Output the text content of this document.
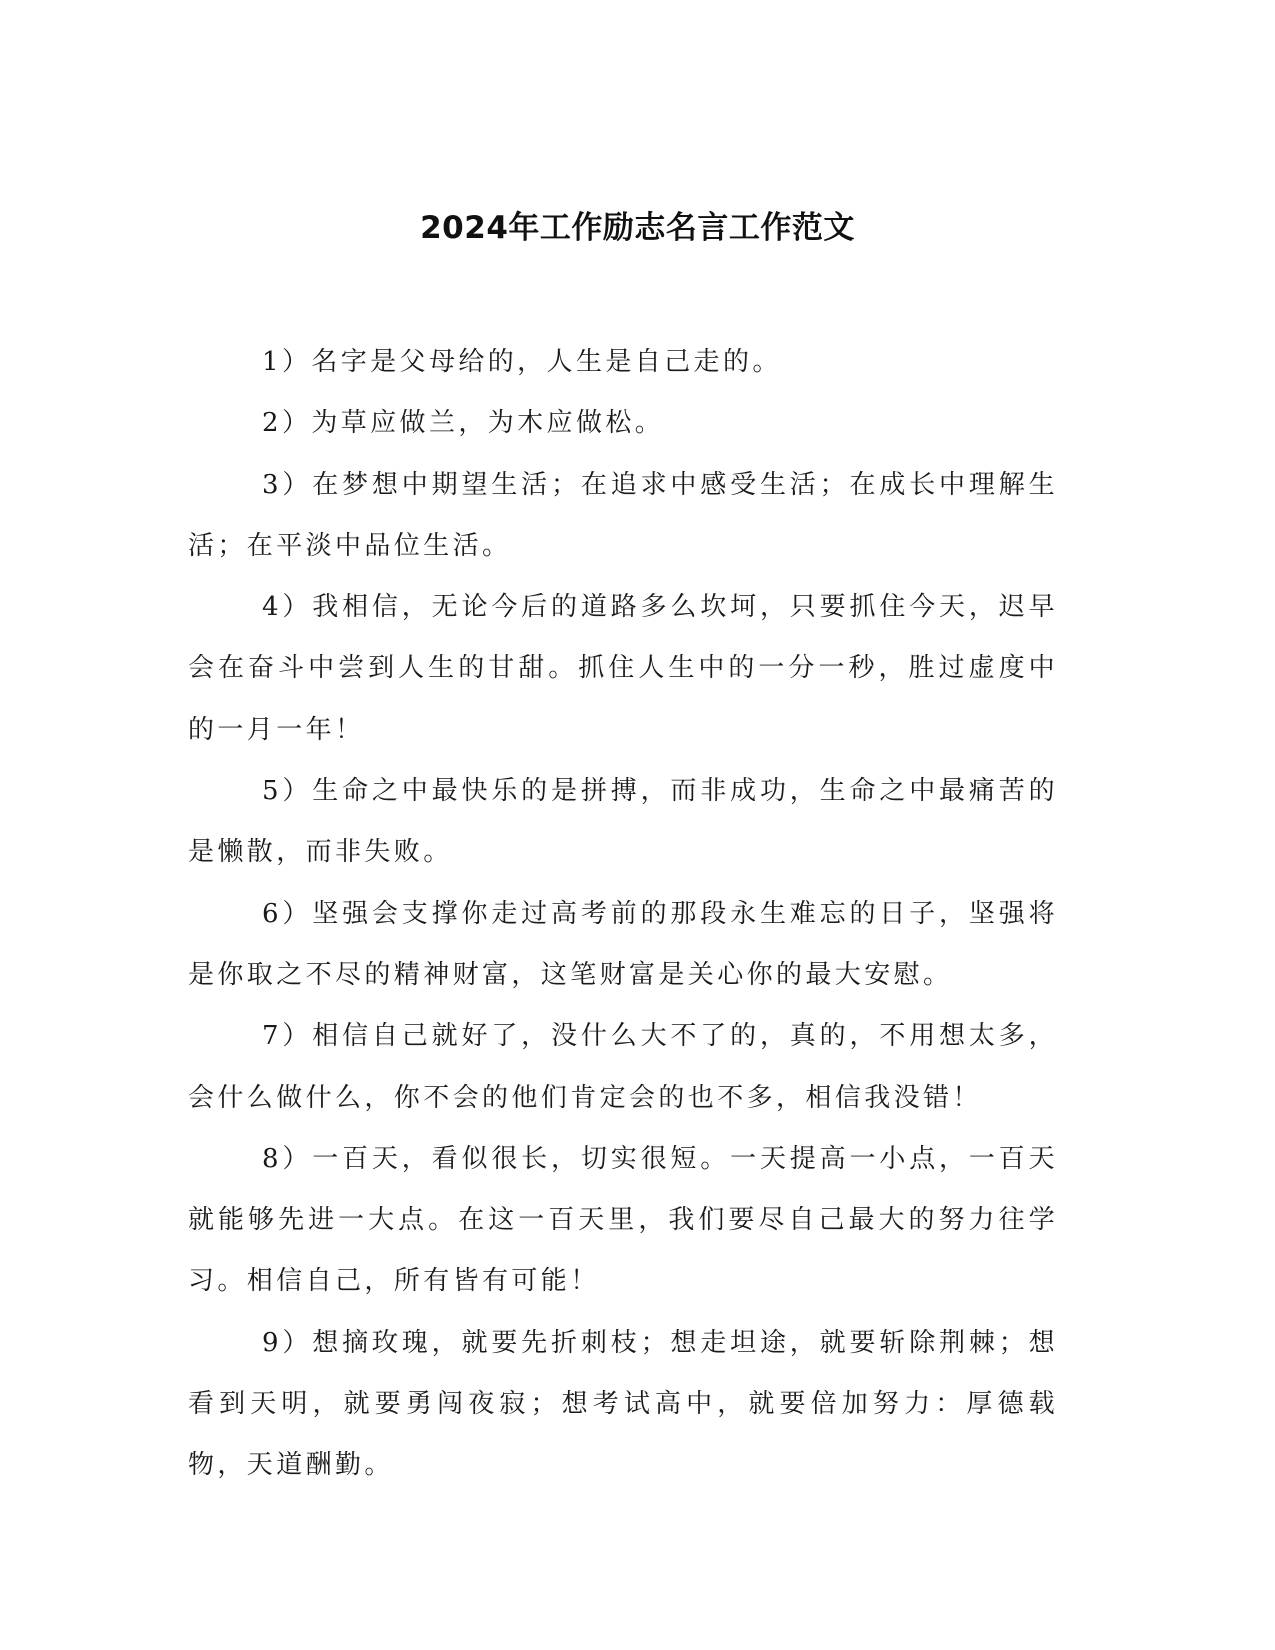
2024年工作励志名言工作范文

1）名字是父母给的，人生是自己走的。

2）为草应做兰，为木应做松。

3）在梦想中期望生活；在追求中感受生活；在成长中理解生活；在平淡中品位生活。

4）我相信，无论今后的道路多么坎坷，只要抓住今天，迟早会在奋斗中尝到人生的甘甜。抓住人生中的一分一秒，胜过虚度中的一月一年！

5）生命之中最快乐的是拼搏，而非成功，生命之中最痛苦的是懒散，而非失败。

6）坚强会支撑你走过高考前的那段永生难忘的日子，坚强将是你取之不尽的精神财富，这笔财富是关心你的最大安慰。

7）相信自己就好了，没什么大不了的，真的，不用想太多，会什么做什么，你不会的他们肯定会的也不多，相信我没错！

8）一百天，看似很长，切实很短。一天提高一小点，一百天就能够先进一大点。在这一百天里，我们要尽自己最大的努力往学习。相信自己，所有皆有可能！

9）想摘玫瑰，就要先折刺枝；想走坦途，就要斩除荆棘；想看到天明，就要勇闯夜寂；想考试高中，就要倍加努力：厚德载物，天道酬勤。
